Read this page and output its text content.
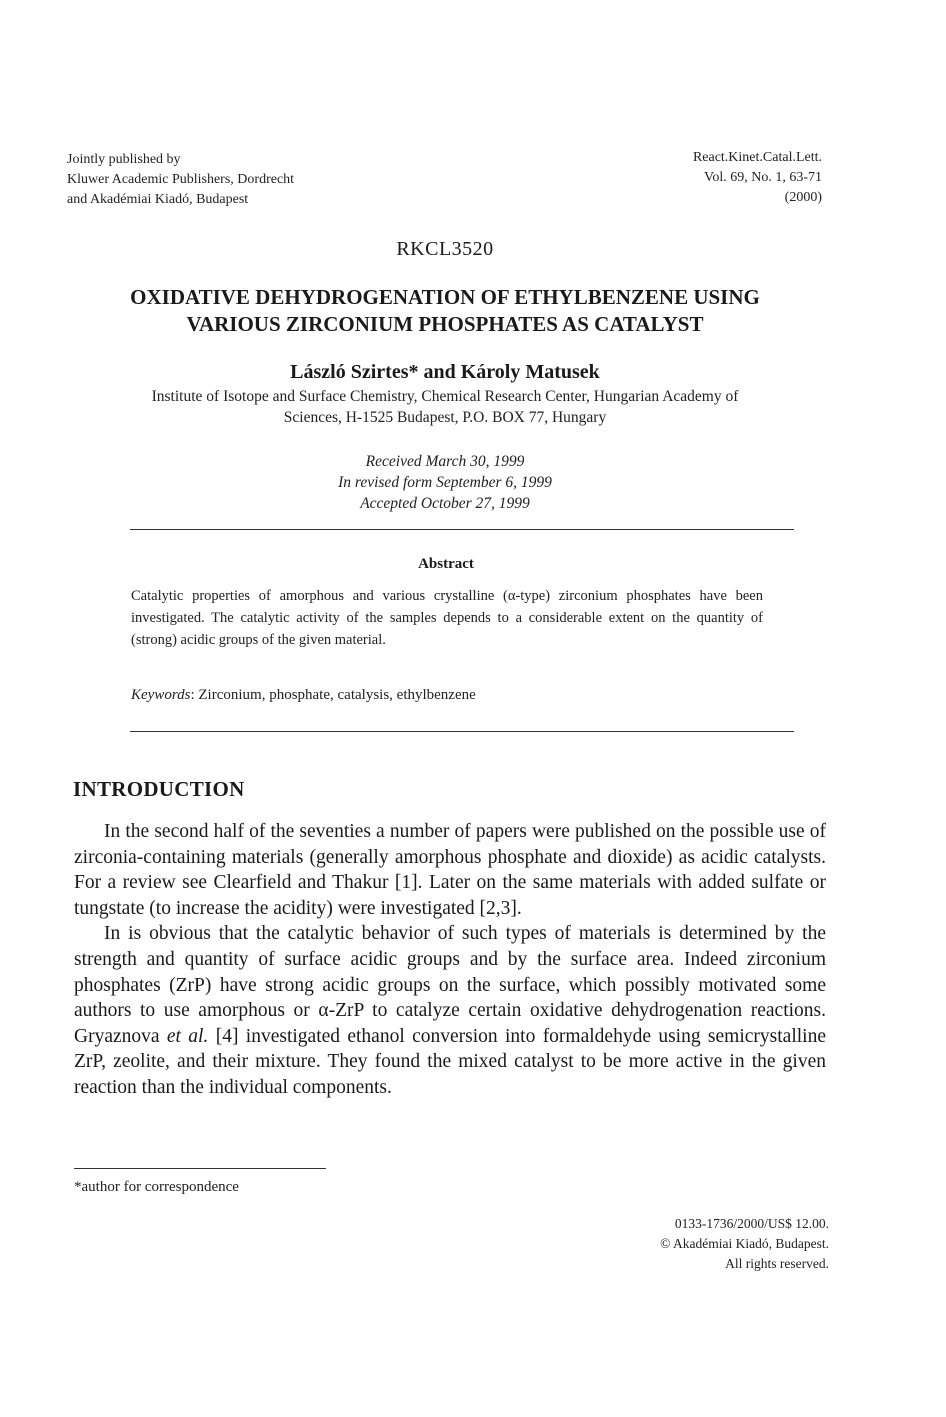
Jointly published by
Kluwer Academic Publishers, Dordrecht
and Akadémiai Kiadó, Budapest
React.Kinet.Catal.Lett.
Vol. 69, No. 1, 63-71
(2000)
RKCL3520
OXIDATIVE DEHYDROGENATION OF ETHYLBENZENE USING
VARIOUS ZIRCONIUM PHOSPHATES AS CATALYST
László Szirtes* and Károly Matusek
Institute of Isotope and Surface Chemistry, Chemical Research Center, Hungarian Academy of
Sciences, H-1525 Budapest, P.O. BOX 77, Hungary
Received March 30, 1999
In revised form September 6, 1999
Accepted October 27, 1999
Abstract
Catalytic properties of amorphous and various crystalline (α-type) zirconium phosphates have been investigated. The catalytic activity of the samples depends to a considerable extent on the quantity of (strong) acidic groups of the given material.
Keywords: Zirconium, phosphate, catalysis, ethylbenzene
INTRODUCTION

In the second half of the seventies a number of papers were published on the possible use of zirconia-containing materials (generally amorphous phosphate and dioxide) as acidic catalysts. For a review see Clearfield and Thakur [1]. Later on the same materials with added sulfate or tungstate (to increase the acidity) were investigated [2,3].

In is obvious that the catalytic behavior of such types of materials is determined by the strength and quantity of surface acidic groups and by the surface area. Indeed zirconium phosphates (ZrP) have strong acidic groups on the surface, which possibly motivated some authors to use amorphous or α-ZrP to catalyze certain oxidative dehydrogenation reactions. Gryaznova et al. [4] investigated ethanol conversion into formaldehyde using semicrystalline ZrP, zeolite, and their mixture. They found the mixed catalyst to be more active in the given reaction than the individual components.

*author for correspondence
0133-1736/2000/US$ 12.00.
© Akadémiai Kiadó, Budapest.
All rights reserved.
